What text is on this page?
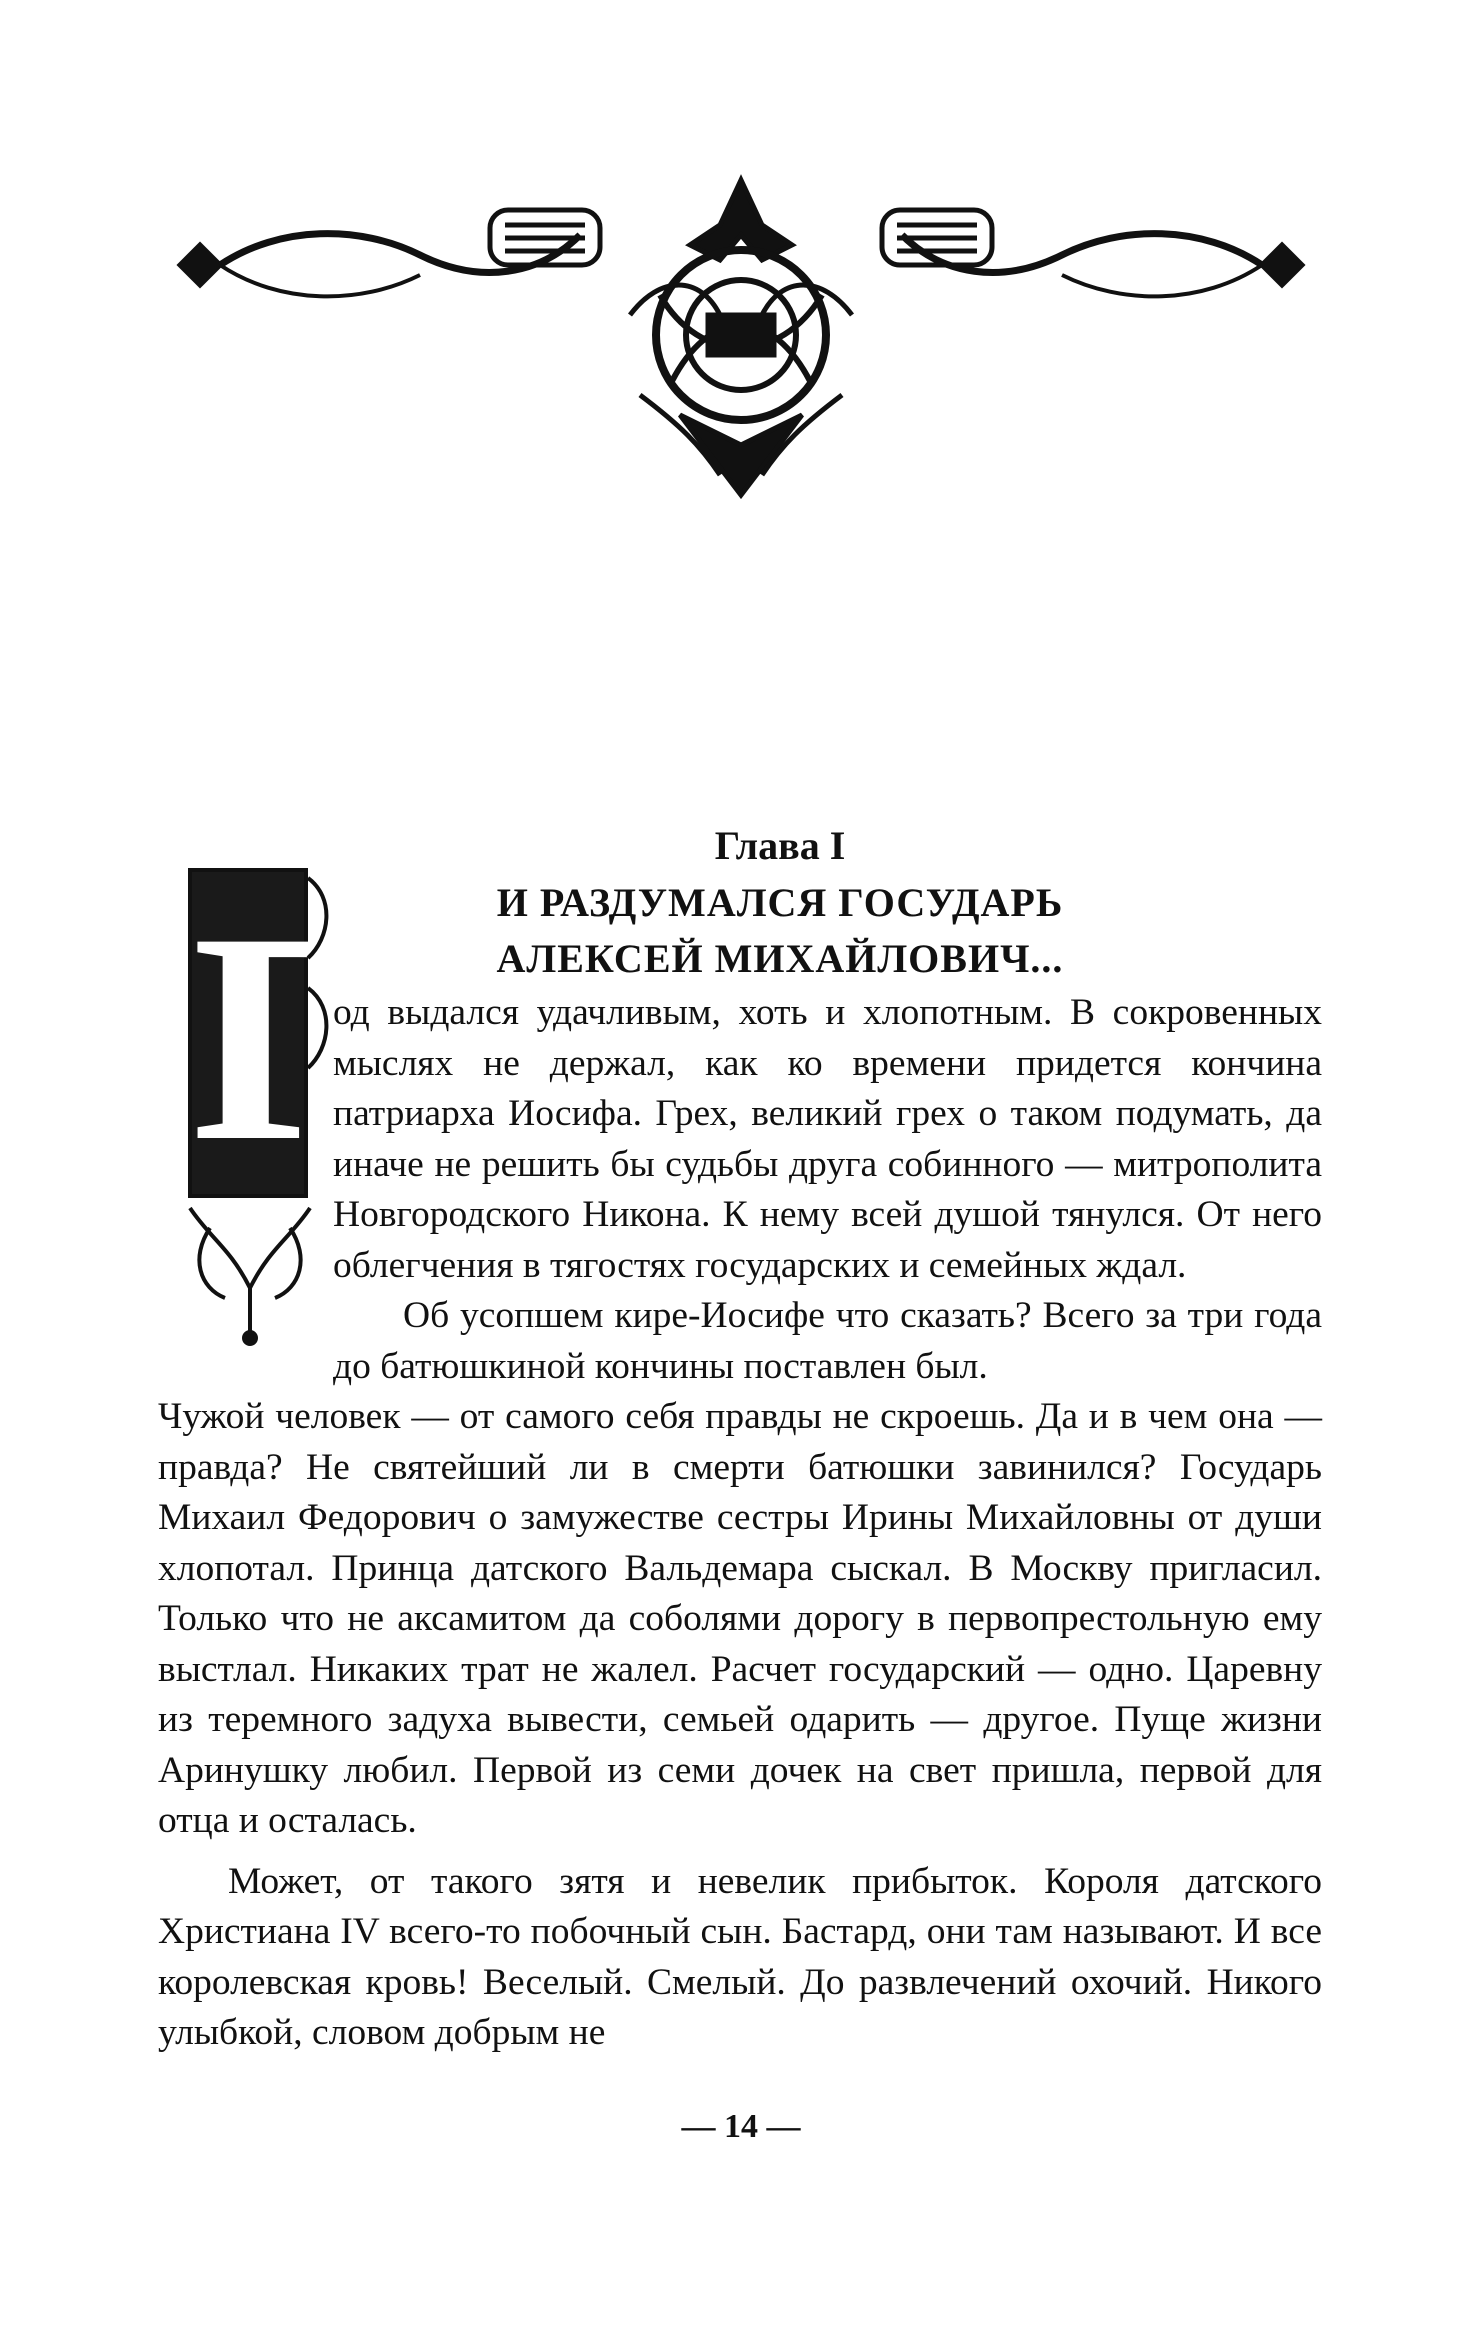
Глава I
И РАЗДУМАЛСЯ ГОСУДАРЬ
АЛЕКСЕЙ МИХАЙЛОВИЧ...
Г

од выдался удачливым, хоть и хлопотным. В сокровенных мыслях не держал, как ко времени придется кончина патриарха Иосифа. Грех, великий грех о таком подумать, да иначе не решить бы судьбы друга собинного — митрополита Новгородского Никона. К нему всей душой тянулся. От него облегчения в тягостях государских и семейных ждал.

Об усопшем кире-Иосифе что сказать? Всего за три года до батюшкиной кончины поставлен был.

Чужой человек — от самого себя правды не скроешь. Да и в чем она — правда? Не святейший ли в смерти батюшки завинился? Государь Михаил Федорович о замужестве сестры Ирины Михайловны от души хлопотал. Принца датского Вальдемара сыскал. В Москву пригласил. Только что не аксамитом да соболями дорогу в первопрестольную ему выстлал. Никаких трат не жалел. Расчет государский — одно. Царевну из теремного задуха вывести, семьей одарить — другое. Пуще жизни Аринушку любил. Первой из семи дочек на свет пришла, первой для отца и осталась.

Может, от такого зятя и невелик прибыток. Короля датского Христиана IV всего-то побочный сын. Бастард, они там называют. И все королевская кровь! Веселый. Смелый. До развлечений охочий. Никого улыбкой, словом добрым не

— 14 —
